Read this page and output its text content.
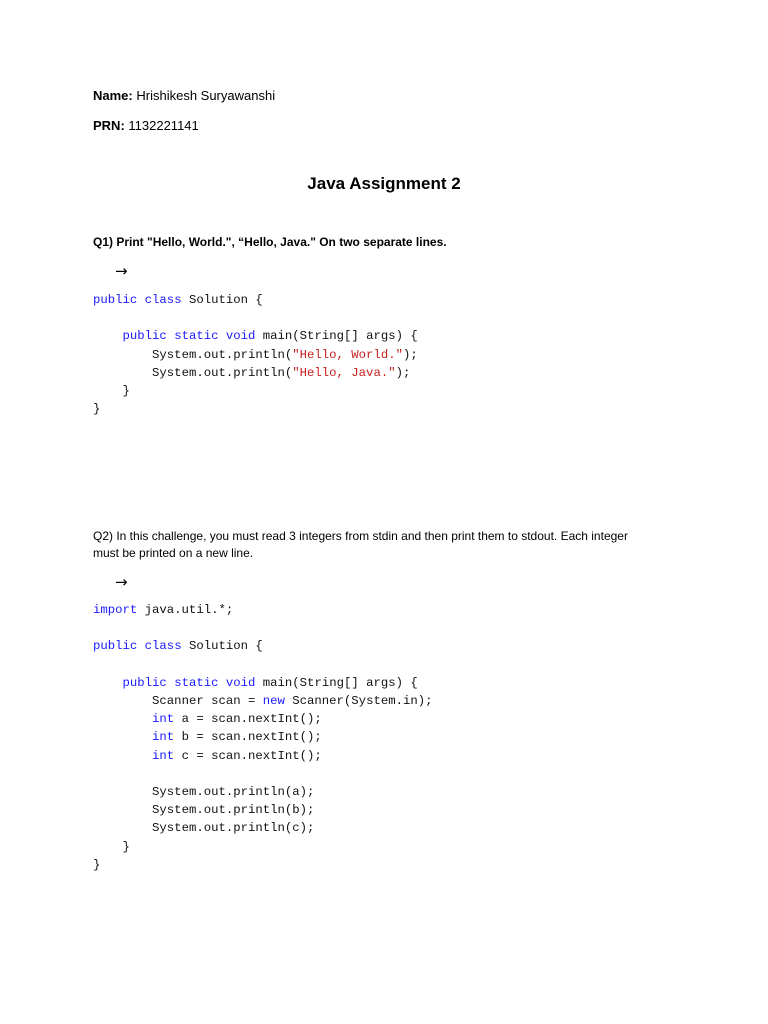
Name: Hrishikesh Suryawanshi
PRN: 1132221141
Java Assignment 2
Q1) Print "Hello, World.", “Hello, Java." On two separate lines.
→
public class Solution {

public static void main(String[] args) {
System.out.println("Hello, World.");
System.out.println("Hello, Java.");
}
}
Q2) In this challenge, you must read 3 integers from stdin and then print them to stdout. Each integer must be printed on a new line.
→
import java.util.*;

public class Solution {

public static void main(String[] args) {
Scanner scan = new Scanner(System.in);
int a = scan.nextInt();
int b = scan.nextInt();
int c = scan.nextInt();

System.out.println(a);
System.out.println(b);
System.out.println(c);
}
}
